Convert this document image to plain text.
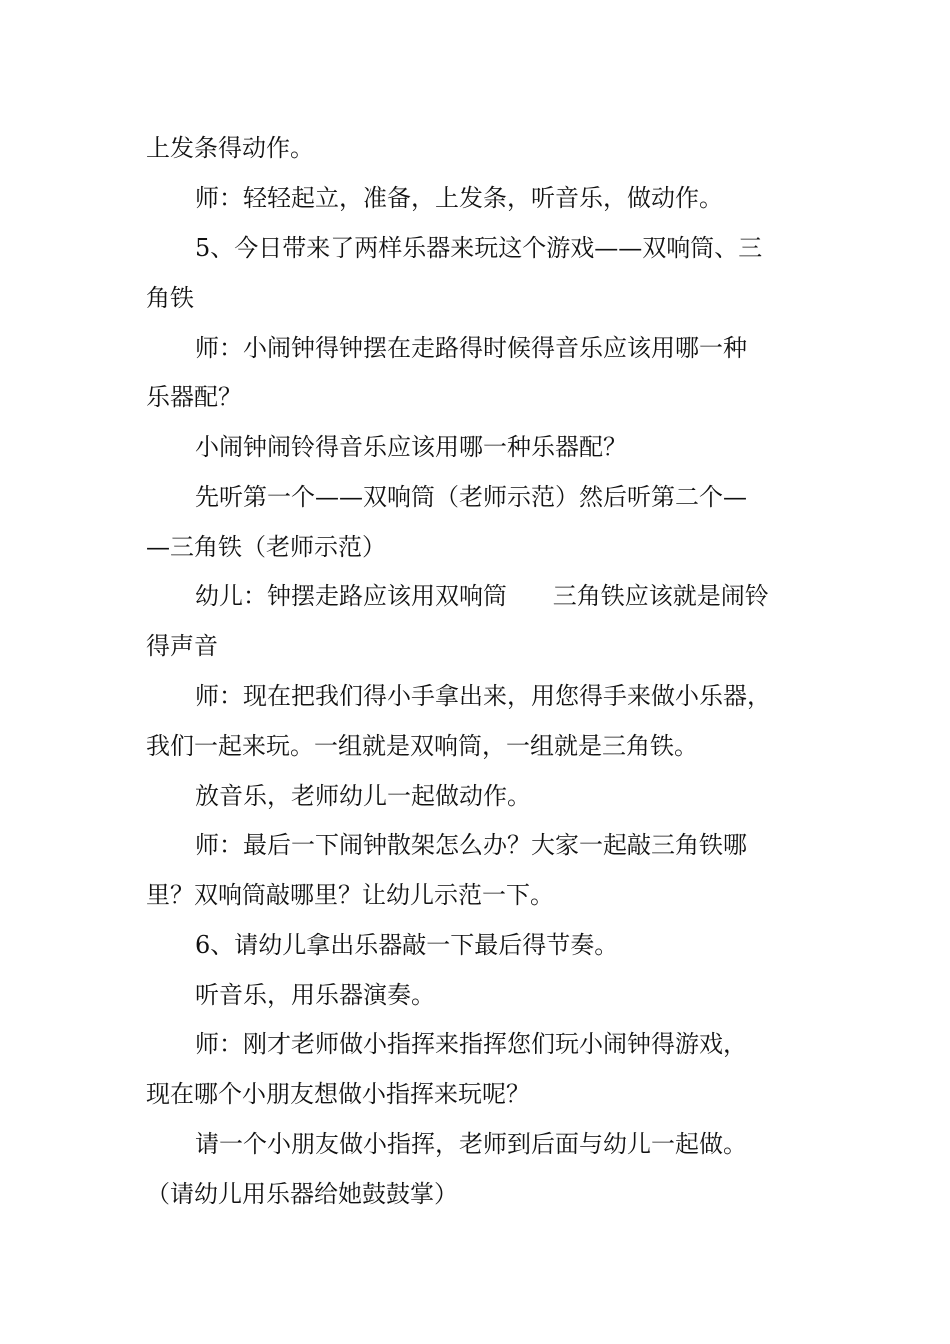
上发条得动作。
师：轻轻起立，准备，上发条，听音乐，做动作。
5、今日带来了两样乐器来玩这个游戏——双响筒、三
角铁
师：小闹钟得钟摆在走路得时候得音乐应该用哪一种
乐器配？
小闹钟闹铃得音乐应该用哪一种乐器配？
先听第一个——双响筒（老师示范）然后听第二个—
—三角铁（老师示范）
幼儿：钟摆走路应该用双响筒      三角铁应该就是闹铃
得声音
师：现在把我们得小手拿出来，用您得手来做小乐器，
我们一起来玩。一组就是双响筒，一组就是三角铁。
放音乐，老师幼儿一起做动作。
师：最后一下闹钟散架怎么办？大家一起敲三角铁哪
里？双响筒敲哪里？让幼儿示范一下。
6、请幼儿拿出乐器敲一下最后得节奏。
听音乐，用乐器演奏。
师：刚才老师做小指挥来指挥您们玩小闹钟得游戏，
现在哪个小朋友想做小指挥来玩呢？
请一个小朋友做小指挥，老师到后面与幼儿一起做。
（请幼儿用乐器给她鼓鼓掌）
